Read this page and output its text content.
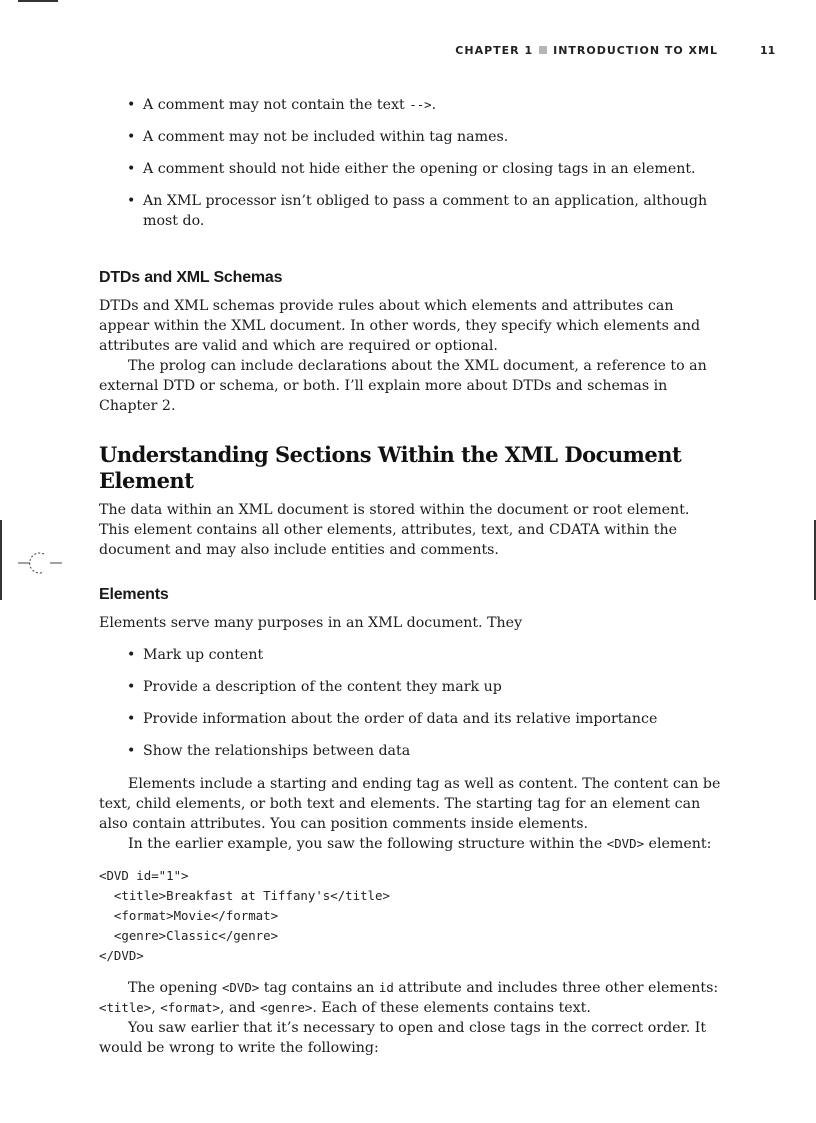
CHAPTER 1 INTRODUCTION TO XML	11
• A comment may not contain the text -->.
• A comment may not be included within tag names.
• A comment should not hide either the opening or closing tags in an element.
• An XML processor isn’t obliged to pass a comment to an application, although most do.
DTDs and XML Schemas

DTDs and XML schemas provide rules about which elements and attributes can appear within the XML document. In other words, they specify which elements and attributes are valid and which are required or optional.

The prolog can include declarations about the XML document, a reference to an external DTD or schema, or both. I’ll explain more about DTDs and schemas in Chapter 2.

Understanding Sections Within the XML Document Element

The data within an XML document is stored within the document or root element. This element contains all other elements, attributes, text, and CDATA within the document and may also include entities and comments.

Elements

Elements serve many purposes in an XML document. They

• Mark up content
• Provide a description of the content they mark up
• Provide information about the order of data and its relative importance
• Show the relationships between data

Elements include a starting and ending tag as well as content. The content can be text, child elements, or both text and elements. The starting tag for an element can also contain attributes. You can position comments inside elements.

In the earlier example, you saw the following structure within the <DVD> element:

<DVD id="1">
<title>Breakfast at Tiffany's</title>
<format>Movie</format>
<genre>Classic</genre>
</DVD>

The opening <DVD> tag contains an id attribute and includes three other elements: <title>, <format>, and <genre>. Each of these elements contains text.

You saw earlier that it’s necessary to open and close tags in the correct order. It would be wrong to write the following:
